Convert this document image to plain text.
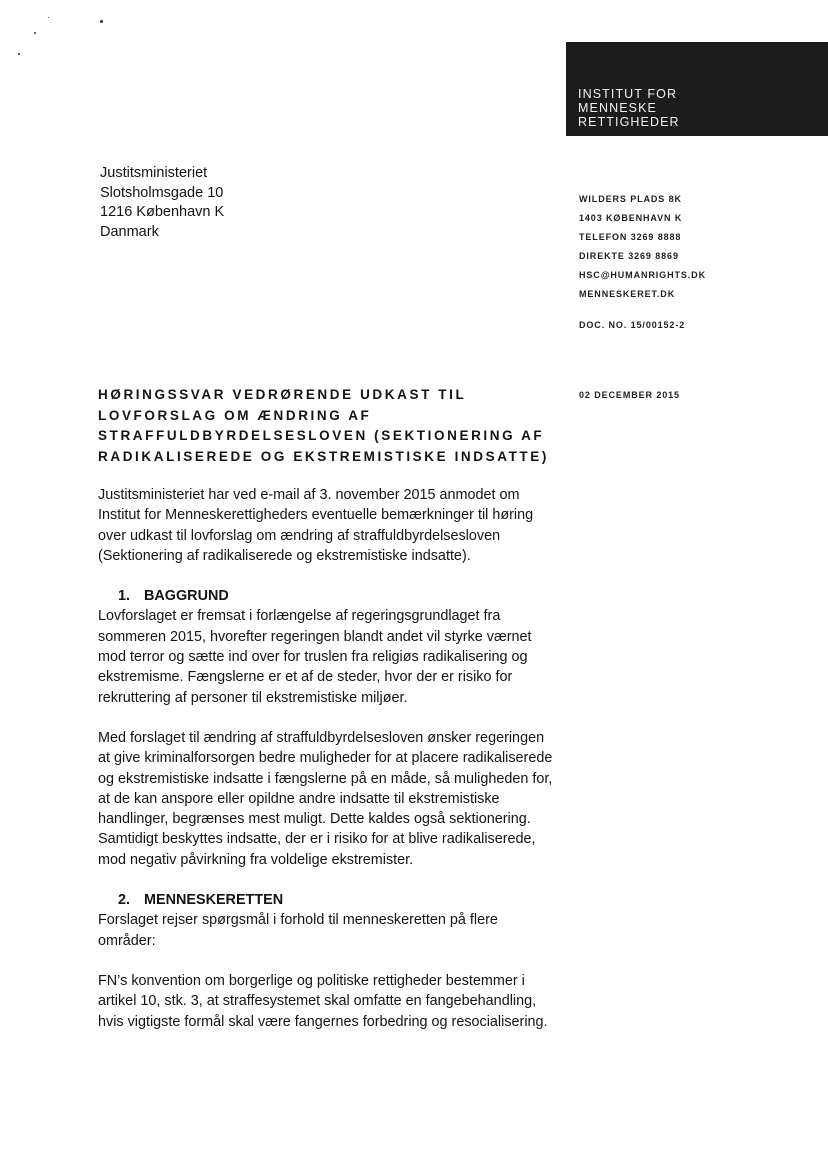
INSTITUT FOR
MENNESKE
RETTIGHEDER
Justitsministeriet
Slotsholmsgade 10
1216 København K
Danmark
WILDERS PLADS 8K
1403 KØBENHAVN K
TELEFON 3269 8888
DIREKTE 3269 8869
HSC@HUMANRIGHTS.DK
MENNESKERET.DK
DOC. NO. 15/00152-2
02 DECEMBER 2015
HØRINGSSVAR VEDRØRENDE UDKAST TIL
LOVFORSLAG OM ÆNDRING AF
STRAFFULDBYRDELSESLOVEN (SEKTIONERING AF
RADIKALISEREDE OG EKSTREMISTISKE INDSATTE)
Justitsministeriet har ved e-mail af 3. november 2015 anmodet om
Institut for Menneskerettigheders eventuelle bemærkninger til høring
over udkast til lovforslag om ændring af straffuldbyrdelsesloven
(Sektionering af radikaliserede og ekstremistiske indsatte).
1. BAGGRUND
Lovforslaget er fremsat i forlængelse af regeringsgrundlaget fra
sommeren 2015, hvorefter regeringen blandt andet vil styrke værnet
mod terror og sætte ind over for truslen fra religiøs radikalisering og
ekstremisme. Fængslerne er et af de steder, hvor der er risiko for
rekruttering af personer til ekstremistiske miljøer.
Med forslaget til ændring af straffuldbyrdelsesloven ønsker regeringen
at give kriminalforsorgen bedre muligheder for at placere radikaliserede
og ekstremistiske indsatte i fængslerne på en måde, så muligheden for,
at de kan anspore eller opildne andre indsatte til ekstremistiske
handlinger, begrænses mest muligt. Dette kaldes også sektionering.
Samtidigt beskyttes indsatte, der er i risiko for at blive radikaliserede,
mod negativ påvirkning fra voldelige ekstremister.
2. MENNESKERETTEN
Forslaget rejser spørgsmål i forhold til menneskeretten på flere
områder:
FN’s konvention om borgerlige og politiske rettigheder bestemmer i
artikel 10, stk. 3, at straffesystemet skal omfatte en fangebehandling,
hvis vigtigste formål skal være fangernes forbedring og resocialisering.
